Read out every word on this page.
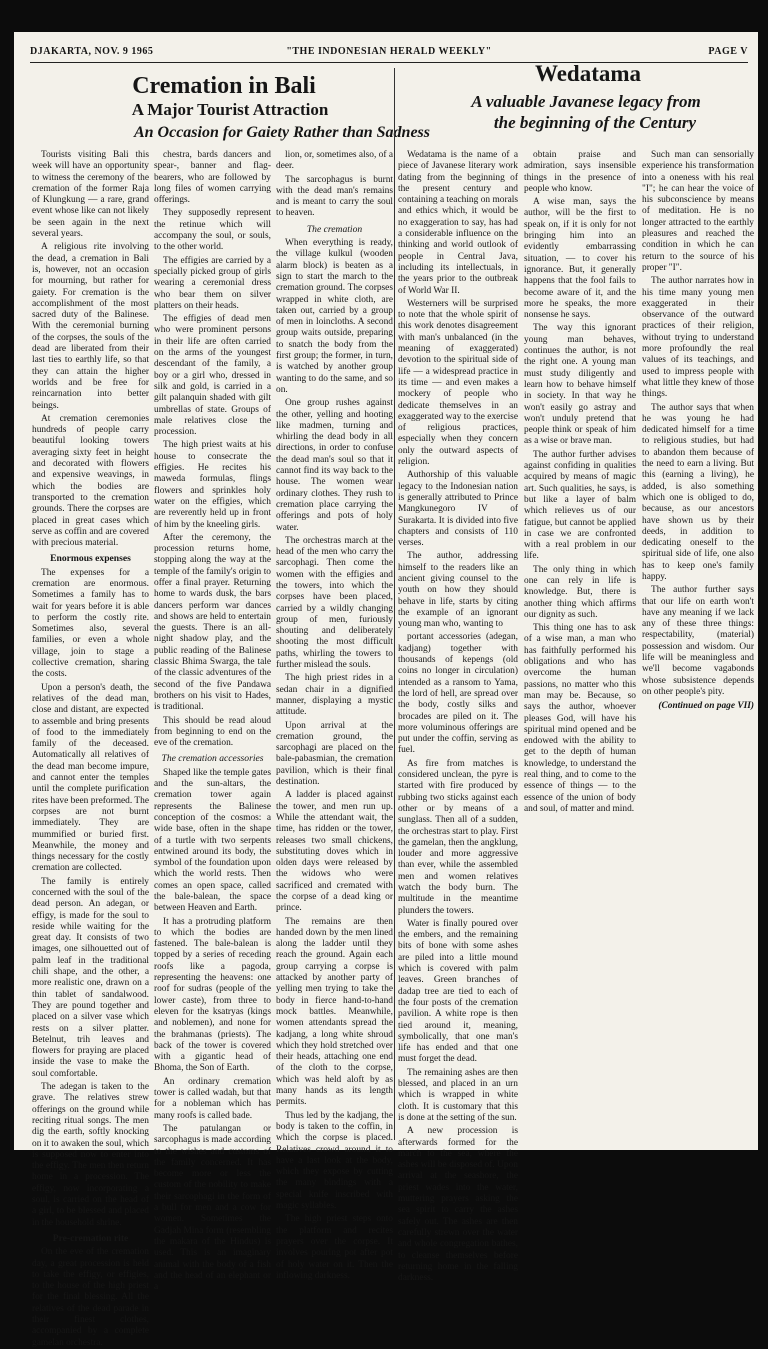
DJAKARTA, NOV. 9 1965	"THE INDONESIAN HERALD WEEKLY"	PAGE V
Cremation in Bali
A Major Tourist Attraction
An Occasion for Gaiety Rather than Sadness
Wedatama
A valuable Javanese legacy from
the beginning of the Century

Tourists visiting Bali this week will have an opportunity to witness the ceremony of the cremation of the former Raja of Klungkung — a rare, grand event whose like can not likely be seen again in the next several years.

A religious rite involving the dead, a cremation in Bali is, however, not an occasion for mourning, but rather for gaiety. For cremation is the accomplishment of the most sacred duty of the Balinese. With the ceremonial burning of the corpses, the souls of the dead are liberated from their last ties to earthly life, so that they can attain the higher worlds and be free for reincarnation into better beings.

At cremation ceremonies hundreds of people carry beautiful looking towers averaging sixty feet in height and decorated with flowers and expensive weavings, in which the bodies are transported to the cremation grounds. There the corpses are placed in great cases which serve as coffin and are covered with precious material.

Enormous expenses

The expenses for a cremation are enormous. Sometimes a family has to wait for years before it is able to perform the costly rite. Sometimes also, several families, or even a whole village, join to stage a collective cremation, sharing the costs.

Upon a person's death, the relatives of the dead man, close and distant, are expected to assemble and bring presents of food to the immediately family of the deceased. Automatically all relatives of the dead man become impure, and cannot enter the temples until the complete purification rites have been preformed. The corpses are not burnt immediately. They are mummified or buried first. Meanwhile, the money and things necessary for the costly cremation are collected.

The family is entirely concerned with the soul of the dead person. An adegan, or effigy, is made for the soul to reside while waiting for the great day. It consists of two images, one silhouetted out of palm leaf in the traditional chili shape, and the other, a more realistic one, drawn on a thin tablet of sandalwood. They are pound together and placed on a silver vase which rests on a silver platter. Betelnut, trih leaves and flowers for praying are placed inside the vase to make the soul comfortable.

The adegan is taken to the grave. The relatives strew offerings on the ground while reciting ritual songs. The men dig the earth, softly knocking on it to awaken the soul, which is supposed now to enter into the effigy. The men then return home in a procession. The effigy, now incorporating a soul, is carried on the head of a girl, to be blessed and placed in the household shrine.

Pre-cremation rite

On the eve of the cremation day, a great procession is held to take the effigy, or effigies, to the house of the high priest for the final blessing. All the relatives of the dead parade in their finest clothes, accompanied by a complete gamelan orchestra.

chestra, bards dancers and spear-, banner and flag-bearers, who are followed by long files of women carrying offerings.

They supposedly represent the retinue which will accompany the soul, or souls, to the other world.

The effigies are carried by a specially picked group of girls wearing a ceremonial dress who bear them on silver platters on their heads.

The effigies of dead men who were prominent persons in their life are often carried on the arms of the youngest descendant of the family, a boy or a girl who, dressed in silk and gold, is carried in a gilt palanquin shaded with gilt umbrellas of state. Groups of male relatives close the procession.

The high priest waits at his house to consecrate the effigies. He recites his maweda formulas, flings flowers and sprinkles holy water on the effigies, which are reverently held up in front of him by the kneeling girls.

After the ceremony, the procession returns home, stopping along the way at the temple of the family's origin to offer a final prayer. Returning home to wards dusk, the bars dancers perform war dances and shows are held to entertain the guests. There is an all-night shadow play, and the public reading of the Balinese classic Bhima Swarga, the tale of the classic adventures of the second of the five Pandawa brothers on his visit to Hades, is traditional.

This should be read aloud from beginning to end on the eve of the cremation.

The cremation accessories

Shaped like the temple gates and the sun-altars, the cremation tower again represents the Balinese conception of the cosmos: a wide base, often in the shape of a turtle with two serpents entwined around its body, the symbol of the foundation upon which the world rests. Then comes an open space, called the bale-balean, the space between Heaven and Earth.

It has a protruding platform to which the bodies are fastened. The bale-balean is topped by a series of receding roofs like a pagoda, representing the heavens: one roof for sudras (people of the lower caste), from three to eleven for the ksatryas (kings and noblemen), and none for the brahmanas (priests). The back of the tower is covered with a gigantic head of Bhoma, the Son of Earth.

An ordinary cremation tower is called wadah, but that for a nobleman which has many roofs is called bade.

The patulangan or sarcophagus is made according to the wishes and customs of the family concerned. It has become more or less the custom of the nobility to make their sarcophagi in the form of a bull for men and a cow for women. Sometimes the Gadjah Mina form (resembling the makara of the Hindus) is used. This is an imaginary animal with the body of a fish and the head of an elephant or a

lion, or, sometimes also, of a deer.

The sarcophagus is burnt with the dead man's remains and is meant to carry the soul to heaven.

The cremation

When everything is ready, the village kulkul (wooden alarm block) is beaten as a sign to start the march to the cremation ground. The corpses wrapped in white cloth, are taken out, carried by a group of men in loincloths. A second group waits outside, preparing to snatch the body from the first group; the former, in turn, is watched by another group wanting to do the same, and so on.

One group rushes against the other, yelling and hooting like madmen, turning and whirling the dead body in all directions, in order to confuse the dead man's soul so that it cannot find its way back to the house. The women wear ordinary clothes. They rush to cremation place carrying the offerings and pots of holy water.

The orchestras march at the head of the men who carry the sarcophagi. Then come the women with the effigies and the towers, into which the corpses have been placed, carried by a wildly changing group of men, furiously shouting and deliberately shooting the most difficult paths, whirling the towers to further mislead the souls.

The high priest rides in a sedan chair in a dignified manner, displaying a mystic attitude.

Upon arrival at the cremation ground, the sarcophagi are placed on the bale-pabasmian, the cremation pavilion, which is their final destination.

A ladder is placed against the tower, and men run up. While the attendant wait, the time, has ridden or the tower, releases two small chickens, substituting doves which in olden days were released by the widows who were sacrificed and cremated with the corpse of a dead king or prince.

The remains are then handed down by the men lined along the ladder until they reach the ground. Again each group carrying a corpse is attacked by another party of yelling men trying to take the body in fierce hand-to-hand mock battles. Meanwhile, women attendants spread the kadjang, a long white shroud which they hold stretched over their heads, attaching one end of the cloth to the corpse, which was held aloft by as many hands as its length permits.

Thus led by the kadjang, the body is taken to the coffin, in which the corpse is placed. Relatives crowd around it to have a last look at the body, which they expose by cutting the many bindings with a special knife inscribed with magic syllables.

The high priest steps onto the platform and recites prayers over the corpse. It involves pouring pot after pot of holy water on it. Then the inflowing darkness.

Wedatama is the name of a piece of Javanese literary work dating from the beginning of the present century and containing a teaching on morals and ethics which, it would be no exaggeration to say, has had a considerable influence on the thinking and world outlook of people in Central Java, including its intellectuals, in the years prior to the outbreak of World War II.

Westerners will be surprised to note that the whole spirit of this work denotes disagreement with man's unbalanced (in the meaning of exaggerated) devotion to the spiritual side of life — a widespread practice in its time — and even makes a mockery of people who dedicate themselves in an exaggerated way to the exercise of religious practices, especially when they concern only the outward aspects of religion.

Authorship of this valuable legacy to the Indonesian nation is generally attributed to Prince Mangkunegoro IV of Surakarta. It is divided into five chapters and consists of 110 verses.

The author, addressing himself to the readers like an ancient giving counsel to the youth on how they should behave in life, starts by citing the example of an ignorant young man who, wanting to

portant accessories (adegan, kadjang) together with thousands of kepengs (old coins no longer in circulation) intended as a ransom to Yama, the lord of hell, are spread over the body, costly silks and brocades are piled on it. The more voluminous offerings are put under the coffin, serving as fuel.

As fire from matches is considered unclean, the pyre is started with fire produced by rubbing two sticks against each other or by means of a sunglass. Then all of a sudden, the orchestras start to play. First the gamelan, then the angklung, louder and more aggressive than ever, while the assembled men and women relatives watch the body burn. The multitude in the meantime plunders the towers.

Water is finally poured over the embers, and the remaining bits of bone with some ashes are piled into a little mound which is covered with palm leaves. Green branches of dadap tree are tied to each of the four posts of the cremation pavilion. A white rope is then tied around it, meaning, symbolically, that one man's life has ended and that one must forget the dead.

The remaining ashes are then blessed, and placed in an urn which is wrapped in white cloth. It is customary that this is done at the setting of the sun.

A new procession is afterwards formed for the march to the sea, where the ashes will be disposed of. Upon arrival at the seashore, the priest wades into the water, muttering prayers asking the sea spirit to carry the ashes safely out. The ashes are then carefully strewn over the water and whole congregation bathes, to cleanse themselves before returning home in the falling darkness.

obtain praise and admiration, says insensible things in the presence of people who know.

A wise man, says the author, will be the first to speak on, if it is only for not bringing him into an evidently embarrassing situation, — to cover his ignorance. But, it generally happens that the fool fails to become aware of it, and the more he speaks, the more nonsense he says.

The way this ignorant young man behaves, continues the author, is not the right one. A young man must study diligently and learn how to behave himself in society. In that way he won't easily go astray and won't unduly pretend that people think or speak of him as a wise or brave man.

The author further advises against confiding in qualities acquired by means of magic art. Such qualities, he says, is but like a layer of balm which relieves us of our fatigue, but cannot be applied in case we are confronted with a real problem in our life.

The only thing in which one can rely in life is knowledge. But, there is another thing which affirms our dignity as such.

This thing one has to ask of a wise man, a man who has faithfully performed his obligations and who has overcome the human passions, no matter who this man may be. Because, so says the author, whoever pleases God, will have his spiritual mind opened and be endowed with the ability to get to the depth of human knowledge, to understand the real thing, and to come to the essence of things — to the essence of the union of body and soul, of matter and mind.

Such man can sensorially experience his transformation into a oneness with his real "I"; he can hear the voice of his subconscience by means of meditation. He is no longer attracted to the earthly pleasures and reached the condition in which he can return to the source of his proper "I".

The author narrates how in his time many young men exaggerated in their observance of the outward practices of their religion, without trying to understand more profoundly the real values of its teachings, and used to impress people with what little they knew of those things.

The author says that when he was young he had dedicated himself for a time to religious studies, but had to abandon them because of the need to earn a living. But this (earning a living), he added, is also something which one is obliged to do, because, as our ancestors have shown us by their deeds, in addition to dedicating oneself to the spiritual side of life, one also has to keep one's family happy.

The author further says that our life on earth won't have any meaning if we lack any of these three things: respectability, (material) possession and wisdom. Our life will be meaningless and we'll become vagabonds whose subsistence depends on other people's pity.

(Continued on page VII)
